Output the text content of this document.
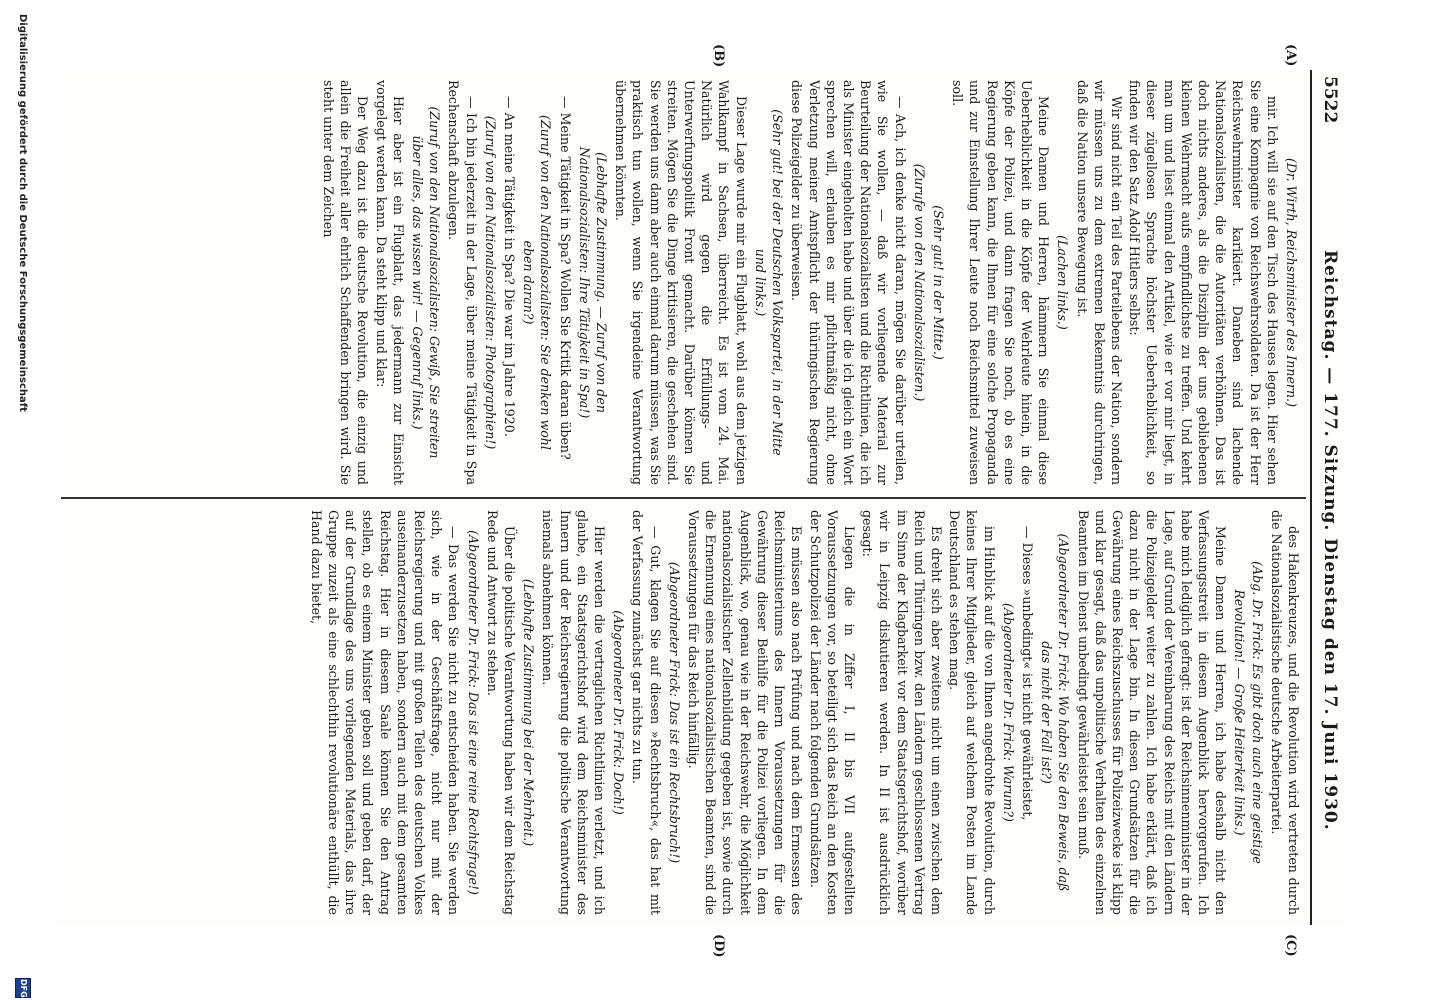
5522
Reichstag. — 177. Sitzung. Dienstag den 17. Juni 1930.
(A)
(B)
(C)
(D)

(Dr. Wirth, Reichsminister des Innern.)

mir. Ich will sie auf den Tisch des Hauses legen. Hier sehen Sie eine Kompagnie von Reichswehrsoldaten. Da ist der Herr Reichswehrminister karikiert. Daneben sind lachende Nationalsozialisten, die die Autoritäten verhöhnen. Das ist doch nichts anderes, als die Disziplin der uns gebliebenen kleinen Wehrmacht aufs empfindlichste zu treffen. Und kehrt man um und liest einmal den Artikel, wie er vor mir liegt, in dieser zügellosen Sprache höchster Ueberheblichkeit, so finden wir den Satz Adolf Hitlers selbst:

Wir sind nicht ein Teil des Parteilebens der Nation, sondern wir müssen uns zu dem extremen Bekenntnis durchringen, daß die Nation unsere Bewegung ist.

(Lachen links.)

Meine Damen und Herren, hämmern Sie einmal diese Ueberheblichkeit in die Köpfe der Wehrleute hinein, in die Köpfe der Polizei, und dann fragen Sie noch, ob es eine Regierung geben kann, die Ihnen für eine solche Propaganda und zur Einstellung Ihrer Leute noch Reichsmittel zuweisen soll.

(Sehr gut! in der Mitte.)

(Zurufe von den Nationalsozialisten.)

— Ach, ich denke nicht daran, mögen Sie darüber urteilen, wie Sie wollen, — daß wir vorliegende Material zur Beurteilung der Nationalsozialisten und die Richtlinien, die ich als Minister eingeholten habe und über die ich gleich ein Wort sprechen will, erlauben es mir pflichtmäßig nicht, ohne Verletzung meiner Amtspflicht der thüringischen Regierung diese Polizeigelder zu überweisen.

(Sehr gut! bei der Deutschen Volkspartei, in der Mitte und links.)

Dieser Lage wurde mir ein Flugblatt, wohl aus dem jetzigen Wahlkampf in Sachsen, überreicht. Es ist vom 24. Mai. Natürlich wird gegen die Erfüllungs- und Unterwerfungspolitik Front gemacht. Darüber können Sie streiten. Mögen Sie die Dinge kritisieren, die geschehen sind. Sie werden uns dann aber auch einmal darum müssen, was Sie praktisch tun wollen, wenn Sie irgendeine Verantwortung übernehmen könnten.

(Lebhafte Zustimmung. — Zuruf von den Nationalsozialisten: Ihre Tätigkeit in Spa!)

— Meine Tätigkeit in Spa? Wollen Sie Kritik daran üben?

(Zuruf von den Nationalsozialisten: Sie denken wohl eben daran?)

— An meine Tätigkeit in Spa? Die war im Jahre 1920.

(Zuruf von den Nationalsozialisten: Photographien!)

— Ich bin jederzeit in der Lage, über meine Tätigkeit in Spa Rechenschaft abzulegen.

(Zuruf von den Nationalsozialisten: Gewiß, Sie streiten über alles, das wissen wir! — Gegenruf links.)

Hier aber ist ein Flugblatt, das jedermann zur Einsicht vorgelegt werden kann. Da steht klipp und klar:

Der Weg dazu ist die deutsche Revolution, die einzig und allein die Freiheit aller ehrlich Schaffenden bringen wird. Sie steht unter dem Zeichen

des Hakenkreuzes, und die Revolution wird vertreten durch die Nationalsozialistische deutsche Arbeiterpartei.

(Abg. Dr. Frick: Es gibt doch auch eine geistige Revolution! — Große Heiterkeit links.)

Meine Damen und Herren, ich habe deshalb nicht den Verfassungsstreit in diesem Augenblick hervorgerufen. Ich habe mich lediglich gefragt: ist der Reichsinnenminister in der Lage, auf Grund der Vereinbarung des Reichs mit den Ländern die Polizeigelder weiter zu zahlen. Ich habe erklärt, daß ich dazu nicht in der Lage bin. In diesen Grundsätzen für die Gewährung eines Reichszuschusses für Polizeizwecke ist klipp und klar gesagt, daß das unpolitische Verhalten des einzelnen Beamten im Dienst unbedingt gewährleistet sein muß.

(Abgeordneter Dr. Frick: Wo haben Sie den Beweis, daß das nicht der Fall ist?)

— Dieses »unbedingt« ist nicht gewährleistet,

(Abgeordneter Dr. Frick: Warum?)

im Hinblick auf die von Ihnen angedrohte Revolution, durch keines Ihrer Mitglieder, gleich auf welchem Posten im Lande Deutschland es stehen mag.

Es dreht sich aber zweitens nicht um einen zwischen dem Reich und Thüringen bzw. den Ländern geschlossenen Vertrag im Sinne der Klagbarkeit vor dem Staatsgerichtshof, worüber wir in Leipzig diskutieren werden. In II ist ausdrücklich gesagt:

Liegen die in Ziffer I, II bis VII aufgestellten Voraussetzungen vor, so beteiligt sich das Reich an den Kosten der Schutzpolizei der Länder nach folgenden Grundsätzen.

Es müssen also nach Prüfung und nach dem Ermessen des Reichsministeriums des Innern Voraussetzungen für die Gewährung dieser Beihilfe für die Polizei vorliegen. In dem Augenblick, wo, genau wie in der Reichswehr, die Möglichkeit nationalsozialistischer Zellenbildung gegeben ist, sowie durch die Ernennung eines nationalsozialistischen Beamten, sind die Voraussetzungen für das Reich hinfällig.

(Abgeordneter Frick: Das ist ein Rechtsbruch!)

— Gut, klagen Sie auf diesen »Rechtsbruch«, das hat mit der Verfassung zunächst gar nichts zu tun.

(Abgeordneter Dr. Frick: Doch!)

Hier werden die vertraglichen Richtlinien verletzt, und ich glaube, ein Staatsgerichtshof wird dem Reichsminister des Innern und der Reichsregierung die politische Verantwortung niemals abnehmen können.

(Lebhafte Zustimmung bei der Mehrheit.)

Über die politische Verantwortung haben wir dem Reichstag Rede und Antwort zu stehen.

(Abgeordneter Dr. Frick: Das ist eine reine Rechtsfrage!)

— Das werden Sie nicht zu entscheiden haben. Sie werden sich, wie in der Geschäftsfrage, nicht nur mit der Reichsregierung und mit großen Teilen des deutschen Volkes auseinanderzusetzen haben, sondern auch mit dem gesamten Reichstag. Hier in diesem Saale können Sie den Antrag stellen, ob es einem Minister geben soll und geben darf, der auf der Grundlage des uns vorliegenden Materials, das ihre Gruppe zuzeit als eine schlechthin revolutionäre enthüllt, die Hand dazu bietet,

Digitalisierung gefördert durch die Deutsche Forschungsgemeinschaft
DFG
